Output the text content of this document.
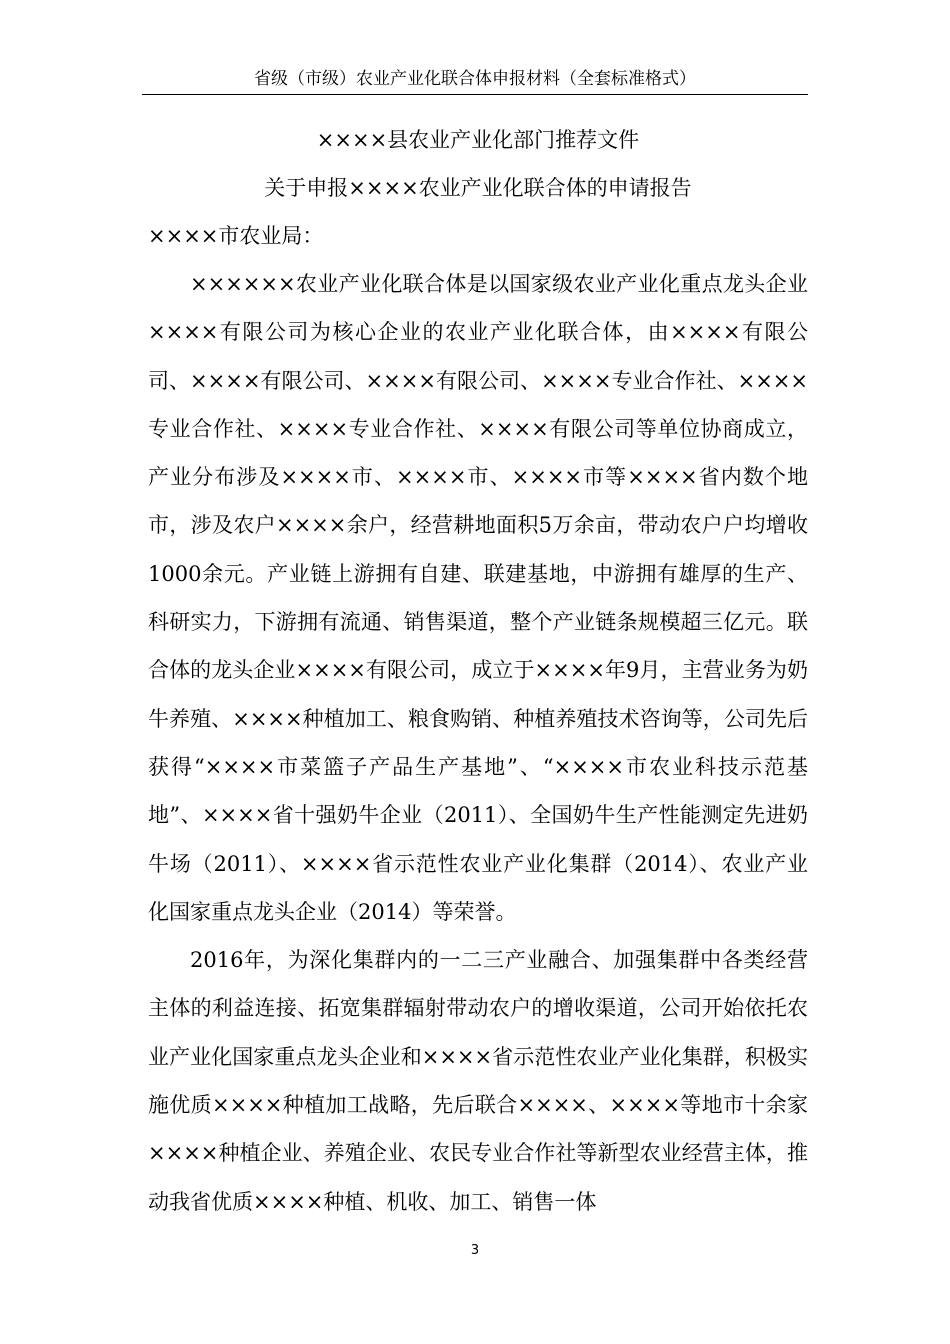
省级（市级）农业产业化联合体申报材料（全套标准格式）
××××县农业产业化部门推荐文件
关于申报××××农业产业化联合体的申请报告
××××市农业局：

××××××农业产业化联合体是以国家级农业产业化重点龙头企业××××有限公司为核心企业的农业产业化联合体，由××××有限公司、××××有限公司、××××有限公司、××××专业合作社、××××专业合作社、××××专业合作社、××××有限公司等单位协商成立，产业分布涉及××××市、××××市、××××市等××××省内数个地市，涉及农户××××余户，经营耕地面积5万余亩，带动农户户均增收1000余元。产业链上游拥有自建、联建基地，中游拥有雄厚的生产、科研实力，下游拥有流通、销售渠道，整个产业链条规模超三亿元。联合体的龙头企业××××有限公司，成立于××××年9月，主营业务为奶牛养殖、××××种植加工、粮食购销、种植养殖技术咨询等，公司先后获得“××××市菜篮子产品生产基地”、“××××市农业科技示范基地”、××××省十强奶牛企业（2011）、全国奶牛生产性能测定先进奶牛场（2011）、××××省示范性农业产业化集群（2014）、农业产业化国家重点龙头企业（2014）等荣誉。

2016年，为深化集群内的一二三产业融合、加强集群中各类经营主体的利益连接、拓宽集群辐射带动农户的增收渠道，公司开始依托农业产业化国家重点龙头企业和××××省示范性农业产业化集群，积极实施优质××××种植加工战略，先后联合××××、××××等地市十余家××××种植企业、养殖企业、农民专业合作社等新型农业经营主体，推动我省优质××××种植、机收、加工、销售一体

3
